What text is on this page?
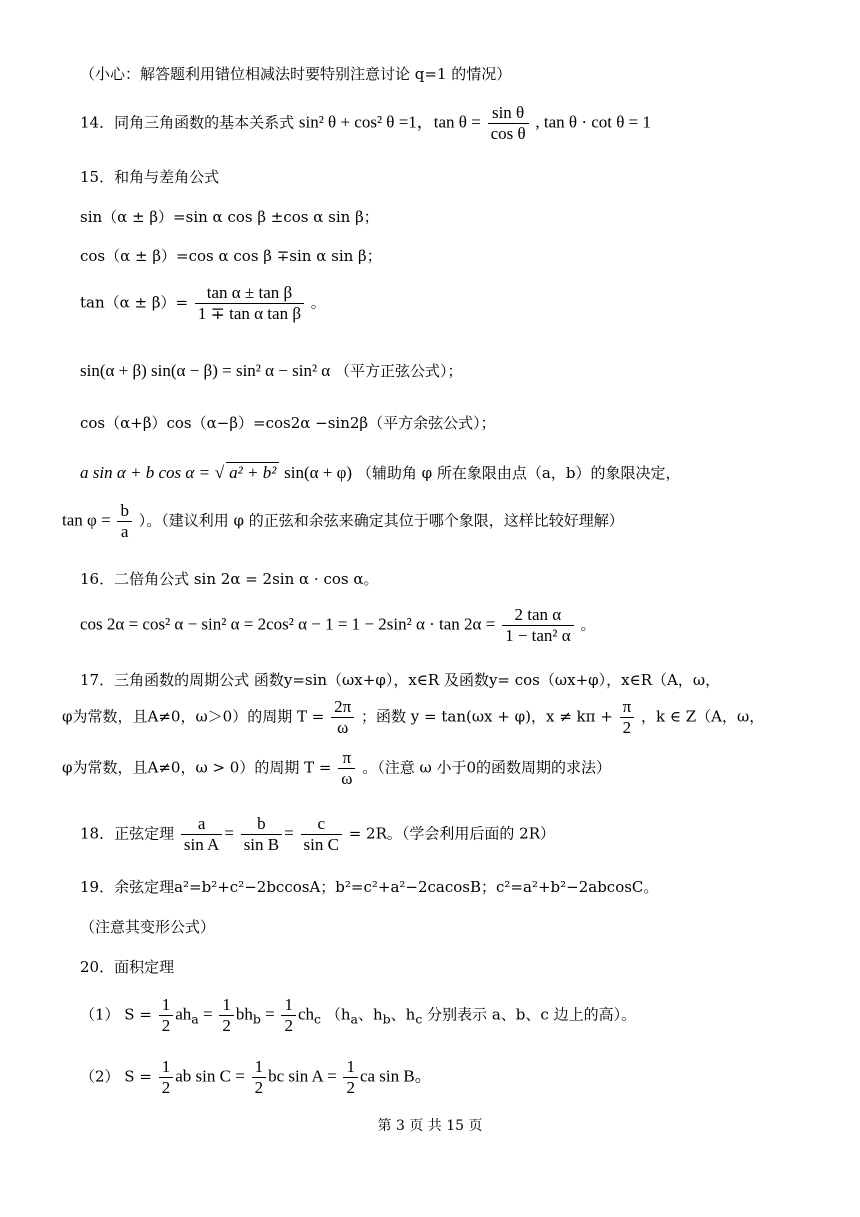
（小心：解答题利用错位相减法时要特别注意讨论 q=1 的情况）
14．同角三角函数的基本关系式 sin² θ + cos² θ =1，$\tan \theta = \frac{\text{sin θ}}{\text{cos θ}}$ , tan θ · cot θ = 1
15．和角与差角公式
sin（α ± β）=sin α cos β ±cos α sin β；
cos（α ± β）=cos α cos β ∓sin α sin β；
$\tan(\alpha \pm \beta)= \frac{\text{tan α ± tan β}}{\text{1 ∓ tan α tan β}}$ 。
sin(α + β) sin(α − β) = sin² α − sin² α （平方正弦公式）；
cos（α+β）cos（α−β）=cos2α −sin2β（平方余弦公式）；
a sin α + b cos α = √ a² + b² sin(α + φ) （辅助角 φ 所在象限由点（a，b）的象限决定，
$\tan \varphi = \frac{b}{a}$ ）。（建议利用 φ 的正弦和余弦来确定其位于哪个象限，这样比较好理解）
16．二倍角公式 sin 2α = 2sin α · cos α。
cos 2α = cos² α − sin² α = 2cos² α − 1 = 1 − 2sin² $\alpha \cdot \tan 2\alpha = \frac{\text{2 tan α}}{\text{1 − tan² α}}$ 。
17．三角函数的周期公式 函数y=sin（ωx+φ），x∈R 及函数y= cos（ωx+φ），x∈R（A，ω，
φ为常数，且A≠0，ω＞0）的周期 $T = \frac{2\pi}{\omega}$ ；函数 y = tan(ωx + φ)，$x \ne k\pi + \frac{\pi}{2}$ ，k ∈ Z（A，ω，
φ为常数，且A≠0，ω > 0）的周期 $T = \frac{\pi}{\omega}$ 。（注意 ω 小于0的函数周期的求法）
18．正弦定理 $\frac{a}{\text{sin A}} = \frac{b}{\text{sin B}} = \frac{c}{\text{sin C}} = 2R$。（学会利用后面的 2R）
19．余弦定理a²=b²+c²−2bccosA；b²=c²+a²−2cacosB；c²=a²+b²−2abcosC。
（注意其变形公式）
20．面积定理
（1） $S = \frac{1}{2} ah_a = \frac{1}{2} bh_b = \frac{1}{2} ch_c$ （$h_a$、$h_b$、$h_c$ 分别表示 a、b、c 边上的高）。
（2） $S = \frac{1}{2}$ ab $\sin C = \frac{1}{2}$ bc $\sin A = \frac{1}{2}$ ca sin B。
第 3 页 共 15 页
